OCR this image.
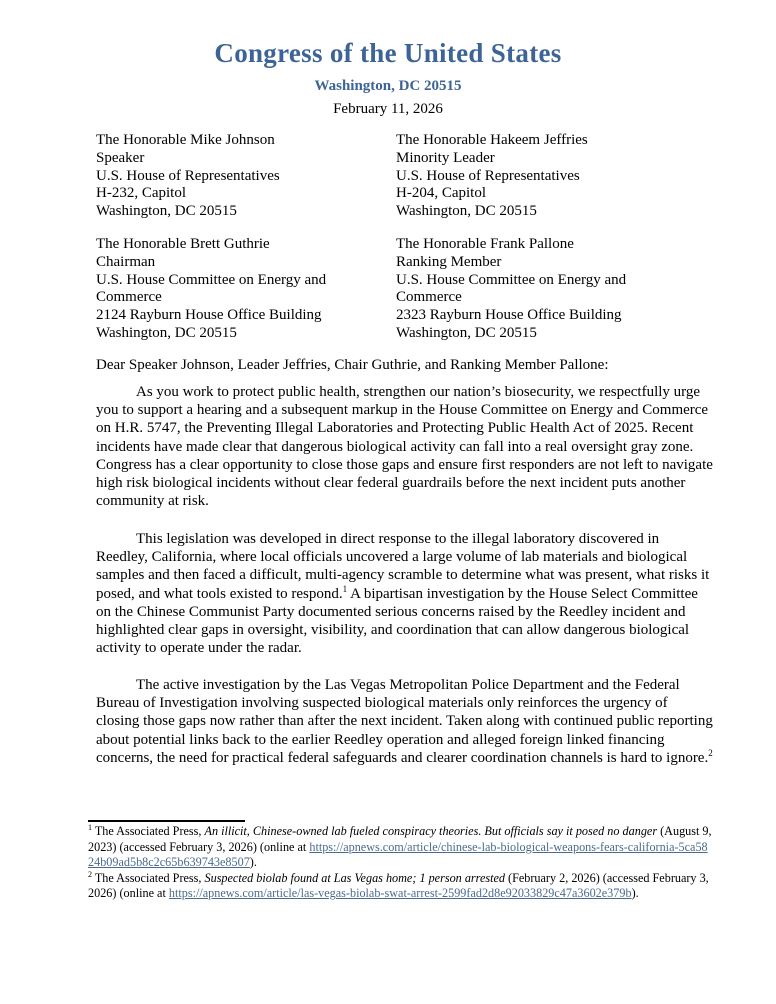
Congress of the United States
Washington, DC 20515
February 11, 2026
The Honorable Mike Johnson
Speaker
U.S. House of Representatives
H-232, Capitol
Washington, DC 20515
The Honorable Hakeem Jeffries
Minority Leader
U.S. House of Representatives
H-204, Capitol
Washington, DC 20515
The Honorable Brett Guthrie
Chairman
U.S. House Committee on Energy and
Commerce
2124 Rayburn House Office Building
Washington, DC 20515
The Honorable Frank Pallone
Ranking Member
U.S. House Committee on Energy and
Commerce
2323 Rayburn House Office Building
Washington, DC 20515
Dear Speaker Johnson, Leader Jeffries, Chair Guthrie, and Ranking Member Pallone:

As you work to protect public health, strengthen our nation’s biosecurity, we respectfully urge you to support a hearing and a subsequent markup in the House Committee on Energy and Commerce on H.R. 5747, the Preventing Illegal Laboratories and Protecting Public Health Act of 2025. Recent incidents have made clear that dangerous biological activity can fall into a real oversight gray zone. Congress has a clear opportunity to close those gaps and ensure first responders are not left to navigate high risk biological incidents without clear federal guardrails before the next incident puts another community at risk.

This legislation was developed in direct response to the illegal laboratory discovered in Reedley, California, where local officials uncovered a large volume of lab materials and biological samples and then faced a difficult, multi-agency scramble to determine what was present, what risks it posed, and what tools existed to respond.$^1$ A bipartisan investigation by the House Select Committee on the Chinese Communist Party documented serious concerns raised by the Reedley incident and highlighted clear gaps in oversight, visibility, and coordination that can allow dangerous biological activity to operate under the radar.

The active investigation by the Las Vegas Metropolitan Police Department and the Federal Bureau of Investigation involving suspected biological materials only reinforces the urgency of closing those gaps now rather than after the next incident. Taken along with continued public reporting about potential links back to the earlier Reedley operation and alleged foreign linked financing concerns, the need for practical federal safeguards and clearer coordination channels is hard to ignore.$^2$

$^1$ The Associated Press, An illicit, Chinese-owned lab fueled conspiracy theories. But officials say it posed no danger (August 9, 2023) (accessed February 3, 2026) (online at https://apnews.com/article/chinese-lab-biological-weapons-fears-california-5ca5824b09ad5b8c2c65b639743e8507).
$^2$ The Associated Press, Suspected biolab found at Las Vegas home; 1 person arrested (February 2, 2026) (accessed February 3, 2026) (online at https://apnews.com/article/las-vegas-biolab-swat-arrest-2599fad2d8e92033829c47a3602e379b).
